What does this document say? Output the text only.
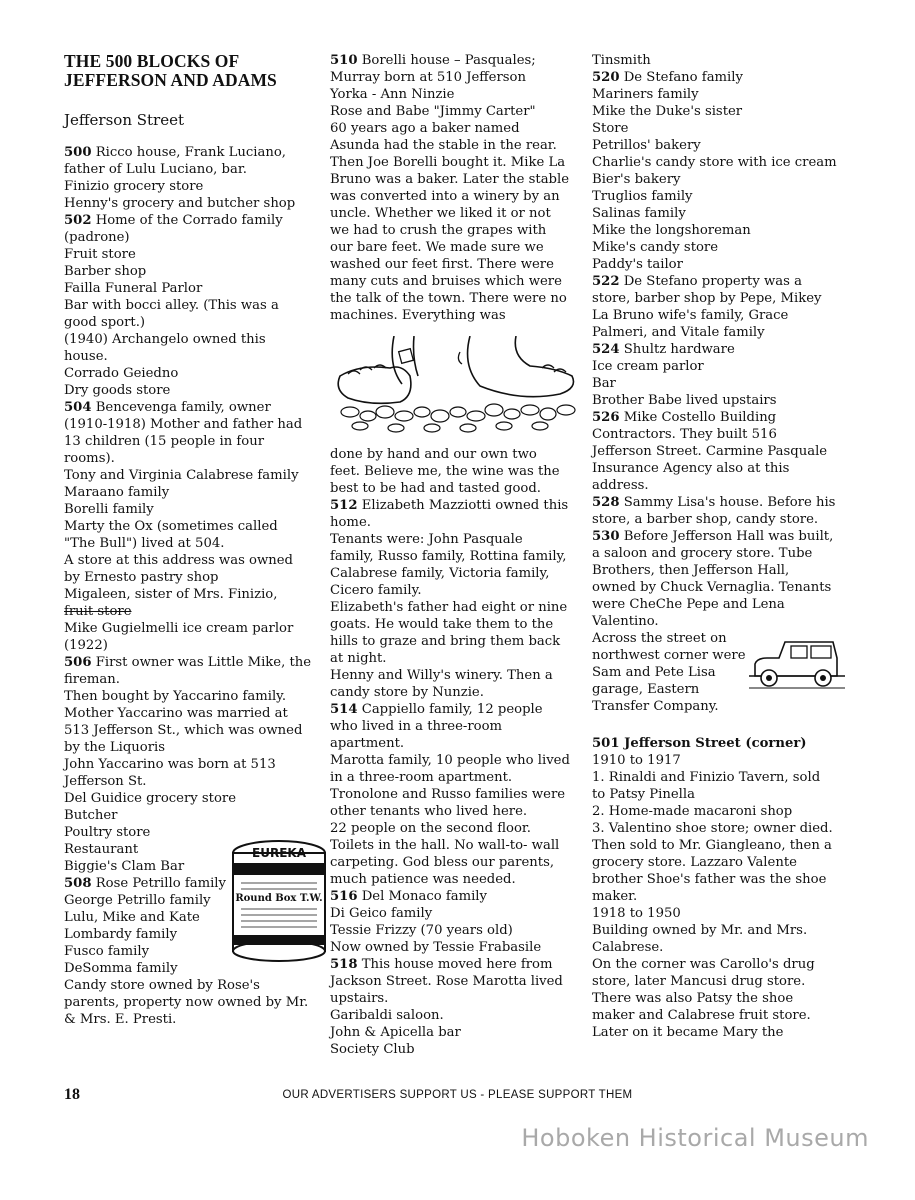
THE 500 BLOCKS OF
JEFFERSON AND ADAMS
Jefferson Street
500 Ricco house, Frank Luciano, father of Lulu Luciano, bar.
Finizio grocery store
Henny's grocery and butcher shop
502 Home of the Corrado family (padrone)
Fruit store
Barber shop
Failla Funeral Parlor
Bar with bocci alley. (This was a good sport.)
(1940) Archangelo owned this house.
Corrado Geiedno
Dry goods store
504 Bencevenga family, owner (1910-1918) Mother and father had 13 children (15 people in four rooms).
Tony and Virginia Calabrese family
Maraano family
Borelli family
Marty the Ox (sometimes called "The Bull") lived at 504.
A store at this address was owned by Ernesto pastry shop
Migaleen, sister of Mrs. Finizio,
fruit store
Mike Gugielmelli ice cream parlor (1922)
506 First owner was Little Mike, the fireman.
Then bought by Yaccarino family.
Mother Yaccarino was married at 513 Jefferson St., which was owned by the Liquoris
John Yaccarino was born at 513 Jefferson St.
Del Guidice grocery store
Butcher
Poultry store
Restaurant
Biggie's Clam Bar
508 Rose Petrillo family
George Petrillo family
Lulu, Mike and Kate
Lombardy family
Fusco family
DeSomma family
Candy store owned by Rose's parents, property now owned by Mr. & Mrs. E. Presti.
510 Borelli house – Pasquales;
Murray born at 510 Jefferson
Yorka - Ann Ninzie
Rose and Babe "Jimmy Carter"
60 years ago a baker named Asunda had the stable in the rear. Then Joe Borelli bought it. Mike La Bruno was a baker. Later the stable was converted into a winery by an uncle. Whether we liked it or not we had to crush the grapes with our bare feet. We made sure we washed our feet first. There were many cuts and bruises which were the talk of the town. There were no machines. Everything was
done by hand and our own two feet. Believe me, the wine was the best to be had and tasted good.
512 Elizabeth Mazziotti owned this home.
Tenants were: John Pasquale family, Russo family, Rottina family, Calabrese family, Victoria family, Cicero family.
Elizabeth's father had eight or nine goats. He would take them to the hills to graze and bring them back at night.
Henny and Willy's winery. Then a candy store by Nunzie.
514 Cappiello family, 12 people who lived in a three-room apartment.
Marotta family, 10 people who lived in a three-room apartment.
Tronolone and Russo families were other tenants who lived here.
22 people on the second floor.
Toilets in the hall. No wall-to- wall carpeting. God bless our parents, much patience was needed.
516 Del Monaco family
Di Geico family
Tessie Frizzy (70 years old)
Now owned by Tessie Frabasile
518 This house moved here from Jackson Street. Rose Marotta lived upstairs.
Garibaldi saloon.
John & Apicella bar
Society Club
Tinsmith
520 De Stefano family
Mariners family
Mike the Duke's sister
Store
Petrillos' bakery
Charlie's candy store with ice cream
Bier's bakery
Truglios family
Salinas family
Mike the longshoreman
Mike's candy store
Paddy's tailor
522 De Stefano property was a store, barber shop by Pepe, Mikey La Bruno wife's family, Grace Palmeri, and Vitale family
524 Shultz hardware
Ice cream parlor
Bar
Brother Babe lived upstairs
526 Mike Costello Building Contractors. They built 516 Jefferson Street. Carmine Pasquale Insurance Agency also at this address.
528 Sammy Lisa's house. Before his store, a barber shop, candy store.
530 Before Jefferson Hall was built, a saloon and grocery store. Tube Brothers, then Jefferson Hall, owned by Chuck Vernaglia. Tenants were CheChe Pepe and Lena Valentino.
Across the street on northwest corner were Sam and Pete Lisa garage, Eastern Transfer Company.
501 Jefferson Street (corner)
1910 to 1917
1. Rinaldi and Finizio Tavern, sold to Patsy Pinella
2. Home-made macaroni shop
3. Valentino shoe store; owner died. Then sold to Mr. Giangleano, then a grocery store. Lazzaro Valente brother Shoe's father was the shoe maker.
1918 to 1950
Building owned by Mr. and Mrs. Calabrese.
On the corner was Carollo's drug store, later Mancusi drug store. There was also Patsy the shoe maker and Calabrese fruit store. Later on it became Mary the
EUREKA
Round Box T.W.
18	OUR ADVERTISERS SUPPORT US - PLEASE SUPPORT THEM
Hoboken Historical Museum
